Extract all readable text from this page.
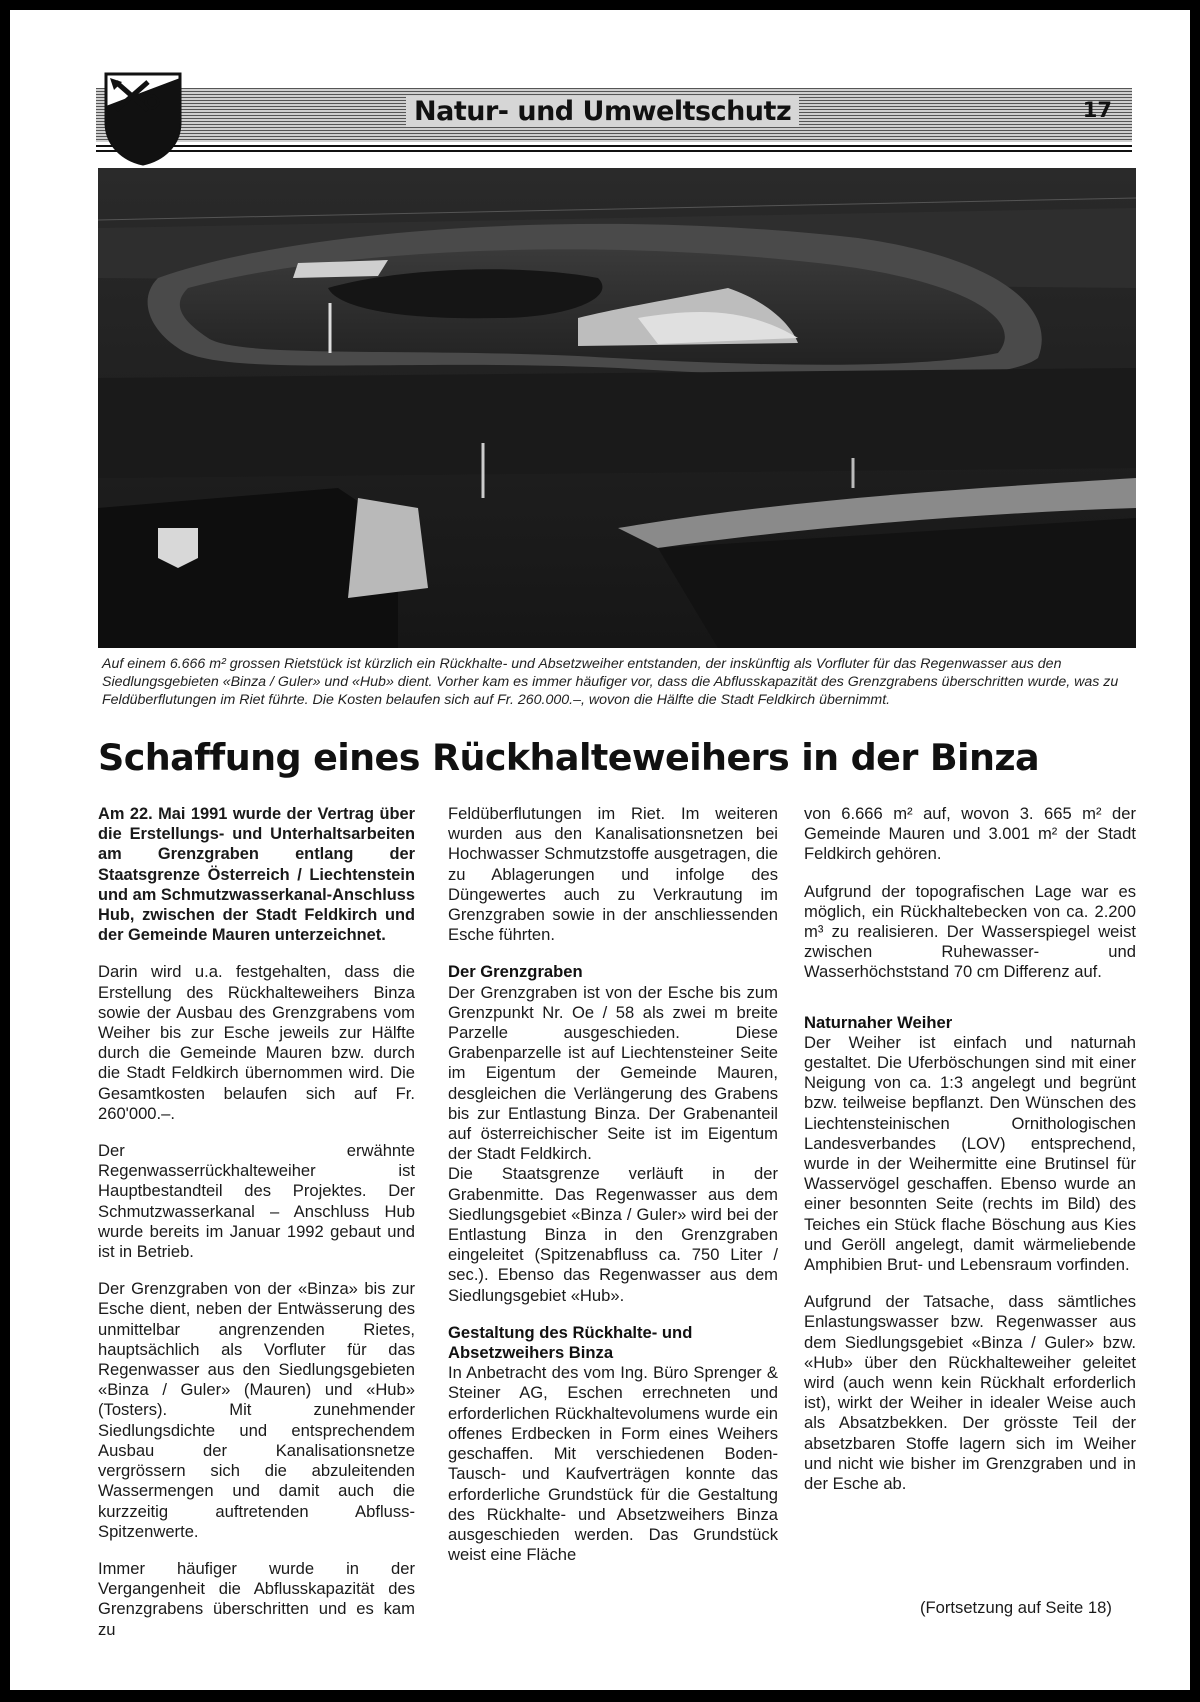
Natur- und Umweltschutz	17
Auf einem 6.666 m² grossen Rietstück ist kürzlich ein Rückhalte- und Absetzweiher entstanden, der inskünftig als Vorfluter für das Regenwasser aus den Siedlungsgebieten «Binza / Guler» und «Hub» dient. Vorher kam es immer häufiger vor, dass die Abflusskapazität des Grenzgrabens überschritten wurde, was zu Feldüberflutungen im Riet führte. Die Kosten belaufen sich auf Fr. 260.000.–, wovon die Hälfte die Stadt Feldkirch übernimmt.
Schaffung eines Rückhalteweihers in der Binza

Am 22. Mai 1991 wurde der Vertrag über die Erstellungs- und Unterhaltsarbeiten am Grenzgraben entlang der Staatsgrenze Österreich / Liechtenstein und am Schmutzwasserkanal-Anschluss Hub, zwischen der Stadt Feldkirch und der Gemeinde Mauren unterzeichnet.

Darin wird u.a. festgehalten, dass die Erstellung des Rückhalteweihers Binza sowie der Ausbau des Grenzgrabens vom Weiher bis zur Esche jeweils zur Hälfte durch die Gemeinde Mauren bzw. durch die Stadt Feldkirch übernommen wird. Die Gesamtkosten belaufen sich auf Fr. 260'000.–.

Der erwähnte Regenwasserrückhalteweiher ist Hauptbestandteil des Projektes. Der Schmutzwasserkanal – Anschluss Hub wurde bereits im Januar 1992 gebaut und ist in Betrieb.

Der Grenzgraben von der «Binza» bis zur Esche dient, neben der Entwässerung des unmittelbar angrenzenden Rietes, hauptsächlich als Vorfluter für das Regenwasser aus den Siedlungsgebieten «Binza / Guler» (Mauren) und «Hub» (Tosters). Mit zunehmender Siedlungsdichte und entsprechendem Ausbau der Kanalisationsnetze vergrössern sich die abzuleitenden Wassermengen und damit auch die kurzzeitig auftretenden Abfluss-Spitzenwerte.

Immer häufiger wurde in der Vergangenheit die Abflusskapazität des Grenzgrabens überschritten und es kam zu

Feldüberflutungen im Riet. Im weiteren wurden aus den Kanalisationsnetzen bei Hochwasser Schmutzstoffe ausgetragen, die zu Ablagerungen und infolge des Düngewertes auch zu Verkrautung im Grenzgraben sowie in der anschliessenden Esche führten.

Der Grenzgraben

Der Grenzgraben ist von der Esche bis zum Grenzpunkt Nr. Oe / 58 als zwei m breite Parzelle ausgeschieden. Diese Grabenparzelle ist auf Liechtensteiner Seite im Eigentum der Gemeinde Mauren, desgleichen die Verlängerung des Grabens bis zur Entlastung Binza. Der Grabenanteil auf österreichischer Seite ist im Eigentum der Stadt Feldkirch.

Die Staatsgrenze verläuft in der Grabenmitte. Das Regenwasser aus dem Siedlungsgebiet «Binza / Guler» wird bei der Entlastung Binza in den Grenzgraben eingeleitet (Spitzenabfluss ca. 750 Liter / sec.). Ebenso das Regenwasser aus dem Siedlungsgebiet «Hub».

Gestaltung des Rückhalte- und Absetzweihers Binza

In Anbetracht des vom Ing. Büro Sprenger & Steiner AG, Eschen errechneten und erforderlichen Rückhaltevolumens wurde ein offenes Erdbecken in Form eines Weihers geschaffen. Mit verschiedenen Boden-Tausch- und Kaufverträgen konnte das erforderliche Grundstück für die Gestaltung des Rückhalte- und Absetzweihers Binza ausgeschieden werden. Das Grundstück weist eine Fläche

von 6.666 m² auf, wovon 3. 665 m² der Gemeinde Mauren und 3.001 m² der Stadt Feldkirch gehören.

Aufgrund der topografischen Lage war es möglich, ein Rückhaltebecken von ca. 2.200 m³ zu realisieren. Der Wasserspiegel weist zwischen Ruhewasser- und Wasserhöchststand 70 cm Differenz auf.

Naturnaher Weiher

Der Weiher ist einfach und naturnah gestaltet. Die Uferböschungen sind mit einer Neigung von ca. 1:3 angelegt und begrünt bzw. teilweise bepflanzt. Den Wünschen des Liechtensteinischen Ornithologischen Landesverbandes (LOV) entsprechend, wurde in der Weihermitte eine Brutinsel für Wasservögel geschaffen. Ebenso wurde an einer besonnten Seite (rechts im Bild) des Teiches ein Stück flache Böschung aus Kies und Geröll angelegt, damit wärmeliebende Amphibien Brut- und Lebensraum vorfinden.

Aufgrund der Tatsache, dass sämtliches Enlastungswasser bzw. Regenwasser aus dem Siedlungsgebiet «Binza / Guler» bzw. «Hub» über den Rückhalteweiher geleitet wird (auch wenn kein Rückhalt erforderlich ist), wirkt der Weiher in idealer Weise auch als Absatzbekken. Der grösste Teil der absetzbaren Stoffe lagern sich im Weiher und nicht wie bisher im Grenzgraben und in der Esche ab.

(Fortsetzung auf Seite 18)
